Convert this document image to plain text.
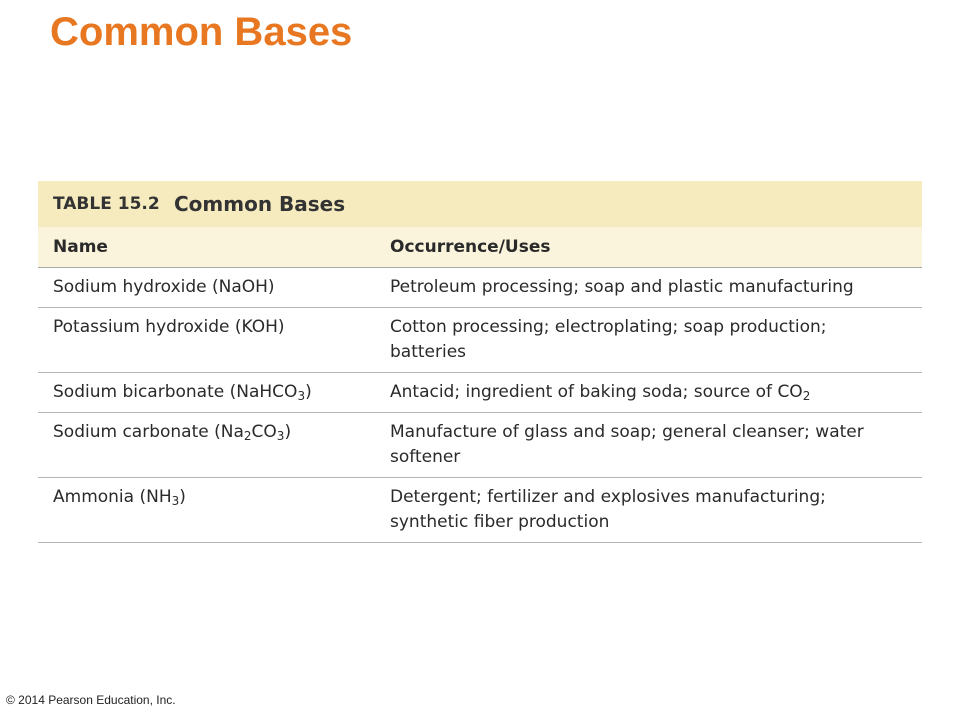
Common Bases
TABLE 15.2 Common Bases
Name	Occurrence/Uses
Sodium hydroxide (NaOH)	Petroleum processing; soap and plastic manufacturing
Potassium hydroxide (KOH)	Cotton processing; electroplating; soap production; batteries
Sodium bicarbonate (NaHCO$_3$)	Antacid; ingredient of baking soda; source of $CO_2$
Sodium carbonate $(Na_2CO_3)$	Manufacture of glass and soap; general cleanser; water softener
Ammonia $(NH_3)$	Detergent; fertilizer and explosives manufacturing; synthetic fiber production
© 2014 Pearson Education, Inc.
